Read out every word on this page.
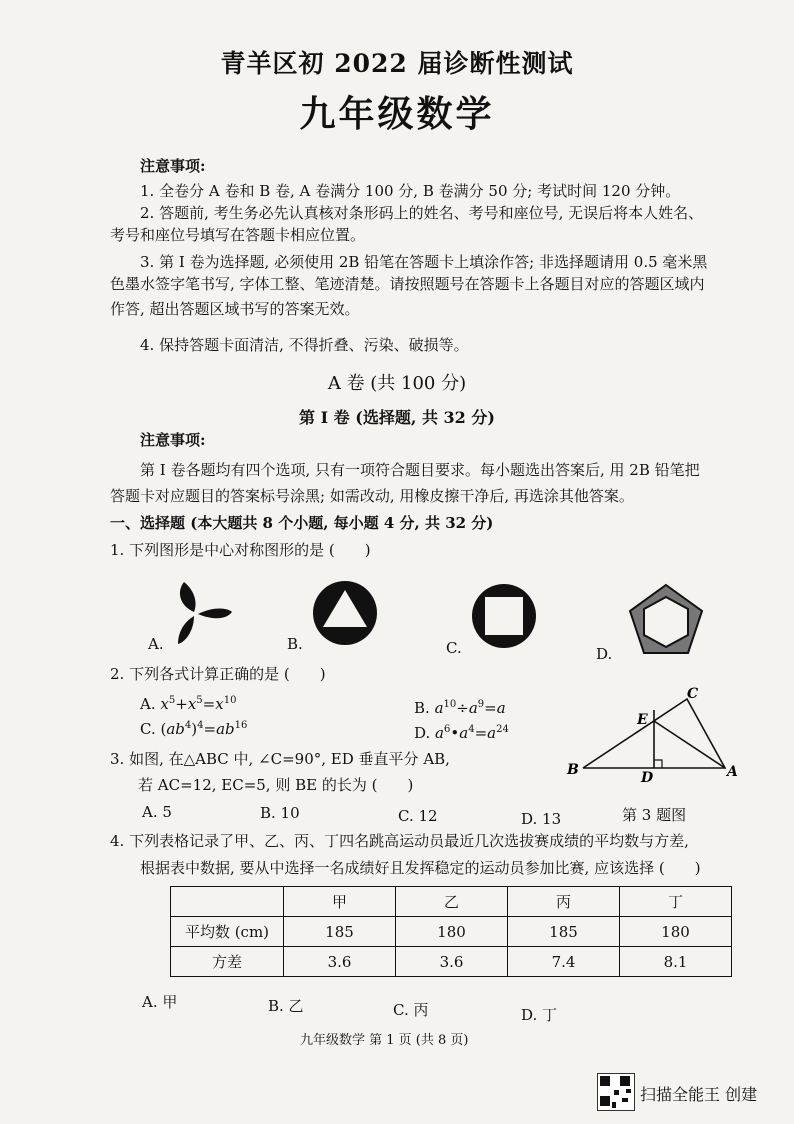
青羊区初 2022 届诊断性测试
九年级数学
注意事项:
1. 全卷分 A 卷和 B 卷, A 卷满分 100 分, B 卷满分 50 分; 考试时间 120 分钟。
2. 答题前, 考生务必先认真核对条形码上的姓名、考号和座位号, 无误后将本人姓名、
考号和座位号填写在答题卡相应位置。
3. 第 I 卷为选择题, 必须使用 2B 铅笔在答题卡上填涂作答; 非选择题请用 0.5 毫米黑
色墨水签字笔书写, 字体工整、笔迹清楚。请按照题号在答题卡上各题目对应的答题区域内
作答, 超出答题区域书写的答案无效。
4. 保持答题卡面清洁, 不得折叠、污染、破损等。
A 卷 (共 100 分)
第 I 卷 (选择题, 共 32 分)
注意事项:
第 I 卷各题均有四个选项, 只有一项符合题目要求。每小题选出答案后, 用 2B 铅笔把
答题卡对应题目的答案标号涂黑; 如需改动, 用橡皮擦干净后, 再选涂其他答案。
一、选择题 (本大题共 8 个小题, 每小题 4 分, 共 32 分)
1. 下列图形是中心对称图形的是 (　　)
A.	B.	C.	D.
2. 下列各式计算正确的是 (　　)
A. $x^5+x^5=x^{10}$	B. $a^{10}\div a^9=a$
C. $(ab^4)^4=ab^{16}$	D. $a^6•a^4=a^{24}$
3. 如图, 在△ABC 中, ∠C=90°, ED 垂直平分 AB,
若 AC=12, EC=5, 则 BE 的长为 (　　)
A. 5	B. 10	C. 12	D. 13
B	A
C
E
D
第 3 题图
4. 下列表格记录了甲、乙、丙、丁四名跳高运动员最近几次选拔赛成绩的平均数与方差,
根据表中数据, 要从中选择一名成绩好且发挥稳定的运动员参加比赛, 应该选择 (　　)
	甲	乙	丙	丁
平均数 (cm)	185	180	185	180
方差	3.6	3.6	7.4	8.1
A. 甲	B. 乙	C. 丙	D. 丁
九年级数学 第 1 页 (共 8 页)
扫描全能王 创建
